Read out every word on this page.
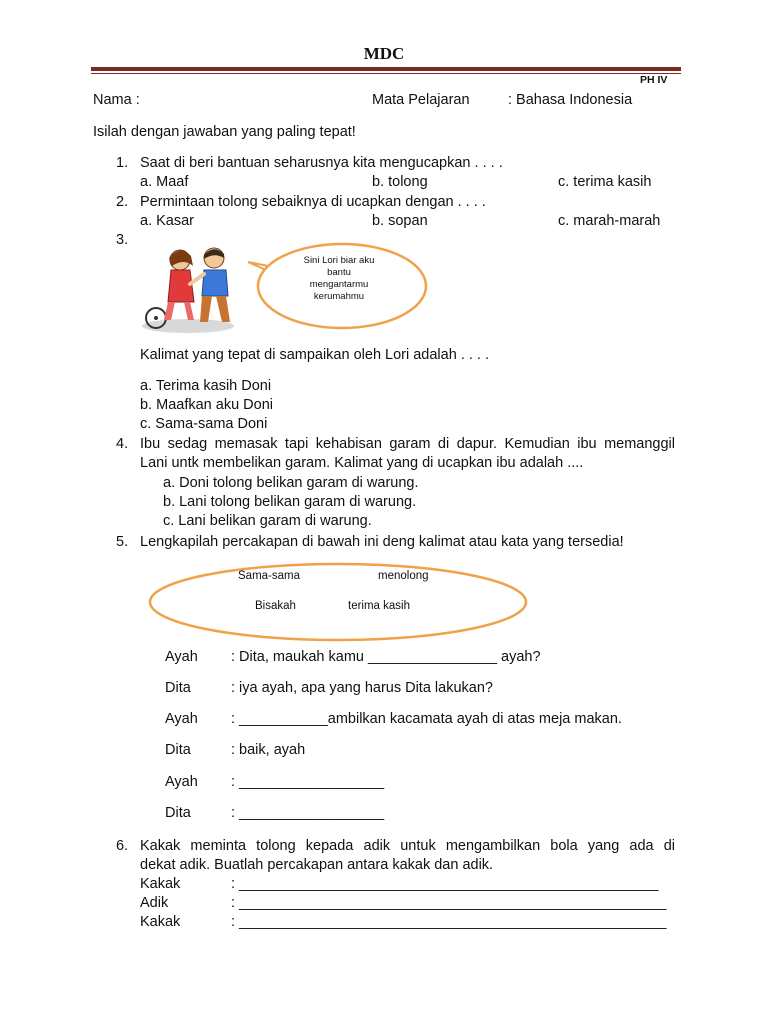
MDC
PH IV
Nama :	Mata Pelajaran	: Bahasa Indonesia
Isilah dengan jawaban yang paling tepat!
1. Saat di beri bantuan seharusnya kita mengucapkan . . . .
a. Maaf	b. tolong	c. terima kasih
2. Permintaan tolong sebaiknya di ucapkan dengan . . . .
a. Kasar	b. sopan	c. marah-marah
3.
Sini Lori biar aku bantu mengantarmu kerumahmu
Kalimat yang tepat di sampaikan oleh Lori adalah . . . .
a. Terima kasih Doni
b. Maafkan aku Doni
c. Sama-sama Doni
4. Ibu sedag memasak tapi kehabisan garam di dapur. Kemudian ibu memanggil
Lani untk membelikan garam. Kalimat yang di ucapkan ibu adalah ....
a. Doni tolong belikan garam di warung.
b. Lani tolong belikan garam di warung.
c. Lani belikan garam di warung.
5. Lengkapilah percakapan di bawah ini deng kalimat atau kata yang tersedia!
Sama-sama	menolong
Bisakah	terima kasih
Ayah : Dita, maukah kamu ________________ ayah?
Dita	: iya ayah, apa yang harus Dita lakukan?
Ayah : ___________ambilkan kacamata ayah di atas meja makan.
Dita	: baik, ayah
Ayah : __________________
Dita	: __________________
6. Kakak meminta tolong kepada adik untuk mengambilkan bola yang ada di
dekat adik. Buatlah percakapan antara kakak dan adik.
Kakak	: ____________________________________________________
Adik	: _____________________________________________________
Kakak	: _____________________________________________________
